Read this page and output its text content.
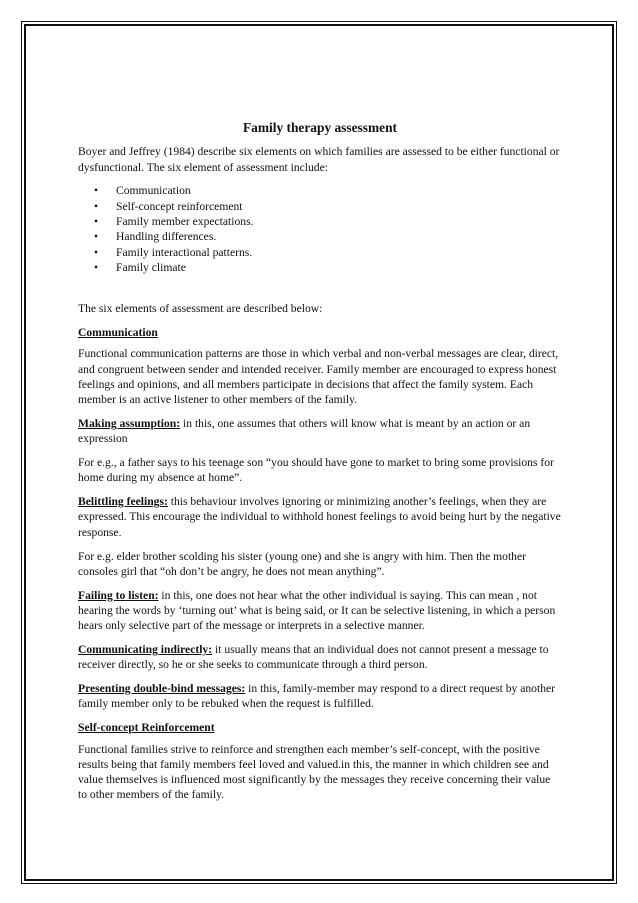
Family therapy assessment

Boyer and Jeffrey (1984) describe six elements on which families are assessed to be either functional or dysfunctional. The six element of assessment include:

• Communication
• Self-concept reinforcement
• Family member expectations.
• Handling differences.
• Family interactional patterns.
• Family climate

The six elements of assessment are described below:

Communication

Functional communication patterns are those in which verbal and non-verbal messages are clear, direct, and congruent between sender and intended receiver. Family member are encouraged to express honest feelings and opinions, and all members participate in decisions that affect the family system. Each member is an active listener to other members of the family.

Making assumption: in this, one assumes that others will know what is meant by an action or an expression

For e.g., a father says to his teenage son “you should have gone to market to bring some provisions for home during my absence at home”.

Belittling feelings: this behaviour involves ignoring or minimizing another’s feelings, when they are expressed. This encourage the individual to withhold honest feelings to avoid being hurt by the negative response.

For e.g. elder brother scolding his sister (young one) and she is angry with him. Then the mother consoles girl that “oh don’t be angry, he does not mean anything”.

Failing to listen: in this, one does not hear what the other individual is saying. This can mean , not hearing the words by ‘turning out’ what is being said, or It can be selective listening, in which a person hears only selective part of the message or interprets in a selective manner.

Communicating indirectly: it usually means that an individual does not cannot present a message to receiver directly, so he or she seeks to communicate through a third person.

Presenting double-bind messages: in this, family-member may respond to a direct request by another family member only to be rebuked when the request is fulfilled.

Self-concept Reinforcement

Functional families strive to reinforce and strengthen each member’s self-concept, with the positive results being that family members feel loved and valued.in this, the manner in which children see and value themselves is influenced most significantly by the messages they receive concerning their value to other members of the family.
